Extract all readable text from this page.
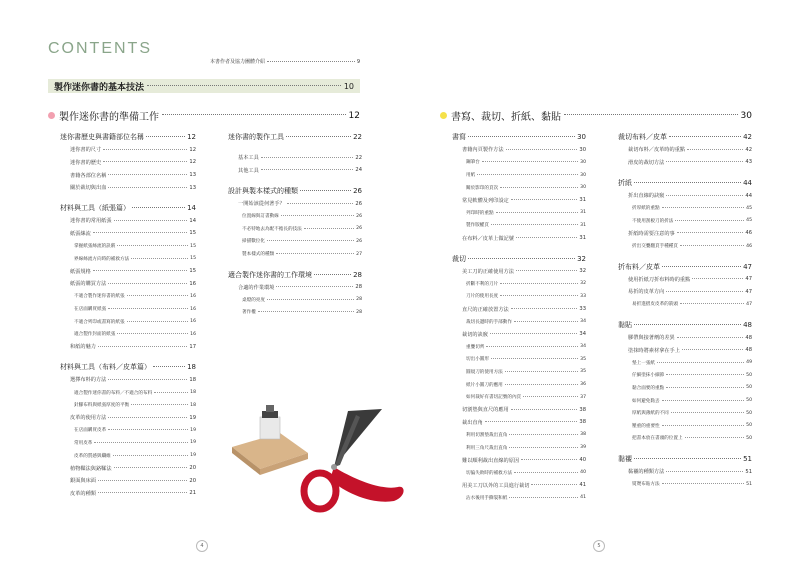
CONTENTS
本書作者及協力團體介紹	9
製作迷你書的基本技法	10
製作迷你書的準備工作	12	書寫、裁切、折紙、黏貼	30
迷你書歷史與書籍部位名稱	12
迷你書的尺寸	12
迷你書的歷史	12
書籍各部位名稱	13
關於裁切與出血	13
材料與工具（紙張篇）	14
迷你書的常用紙張	14
紙張絲流	15
掌握紙張絲流的訣竅	15
界線絲流方向時的補救方法	15
紙張規格	15
紙張的購買方法	16
不適合製作迷你書的紙張	16
在店面購買紙張	16
不適合列印或書寫的紙張	16
適合製作封面的紙張	16
和紙的魅力	17
材料與工具（布料／皮革篇）	18
選擇布料的方法	18
適合製作迷你書的布料／不適合的布料	18
針腳布料與紙張厚度的平衡	18
皮革的使用方法	19
在店面購買皮革	19
常用皮革	19
皮革的質感與纖維	19
植物鞣法與鉻鞣法	20
銀面與床面	20
皮革的種類	21
迷你書的製作工具	22
基本工具	22
其他工具	24
設計與製本樣式的種類	26
一開始該從何著手？	26
位置線與訂書動線	26
不必特地去為配不擔長的技法	26
掃描數位化	26
製本樣式的種類	27
適合製作迷你書的工作環境	28
合適的作業環境	28
桌燈的亮度	28
著作權	28
書寫	30
書籍內頁製作方法	30
鋼筆台	30
用紙	30
關於影印的頁次	30
常見軟體及列印設定	31
列印時的重點	31
製作版權頁	31
在布料／皮革上做記號	31
裁切	32
美工刀的正確使用方法	32
折斷不利的刀片	32
刀片的使用長度	33
直尺的正確放置方法	33
裁切長邊時的手部動作	34
裁切的訣竅	34
重疊切齊	34
切出小圓形	35
圓規刀的使用方法	35
紙片小圓刀的應用	36
如何裁好有書切記號的內頁	37
切割墊與直尺的應用	38
裁出直角	38
利用切割墊裁出直角	38
利用三角尺裁出直角	39
難以順利裁出直線的原因	40
切偏失敗時的補救方法	40
用美工刀以外的工具進行裁切	41
沾水後用手撕裂和紙	41
裁切布料／皮革	42
裁切布料／皮革時的重點	42
滑皮的裁切方法	43
折紙	44
折出直線的訣竅	44
折厚紙的重點	45
不使用刮板刀的折法	45
折紙時需要注意的事	46
折出交疊翻頁手種種頁	46
折布料／皮革	47
使用折紙刀折布料時的重點	47
易折的皮革方向	47
易折進摺皮皮革的箭頭	47
黏貼	48
膠帶與接著劑的差異	48
塗抹時將素材拿在手上	48
墊上一張紙	49
仔細塗抹小細節	50
黏合面要的重點	50
如何避免黏丟	50
厚紙與薄紙的不同	50
壓重的重要性	50
把書本放在書頭的位置上	50
黏襯	51
黏襯的種類方法	51
熨燙布貼方法	51
4	5
